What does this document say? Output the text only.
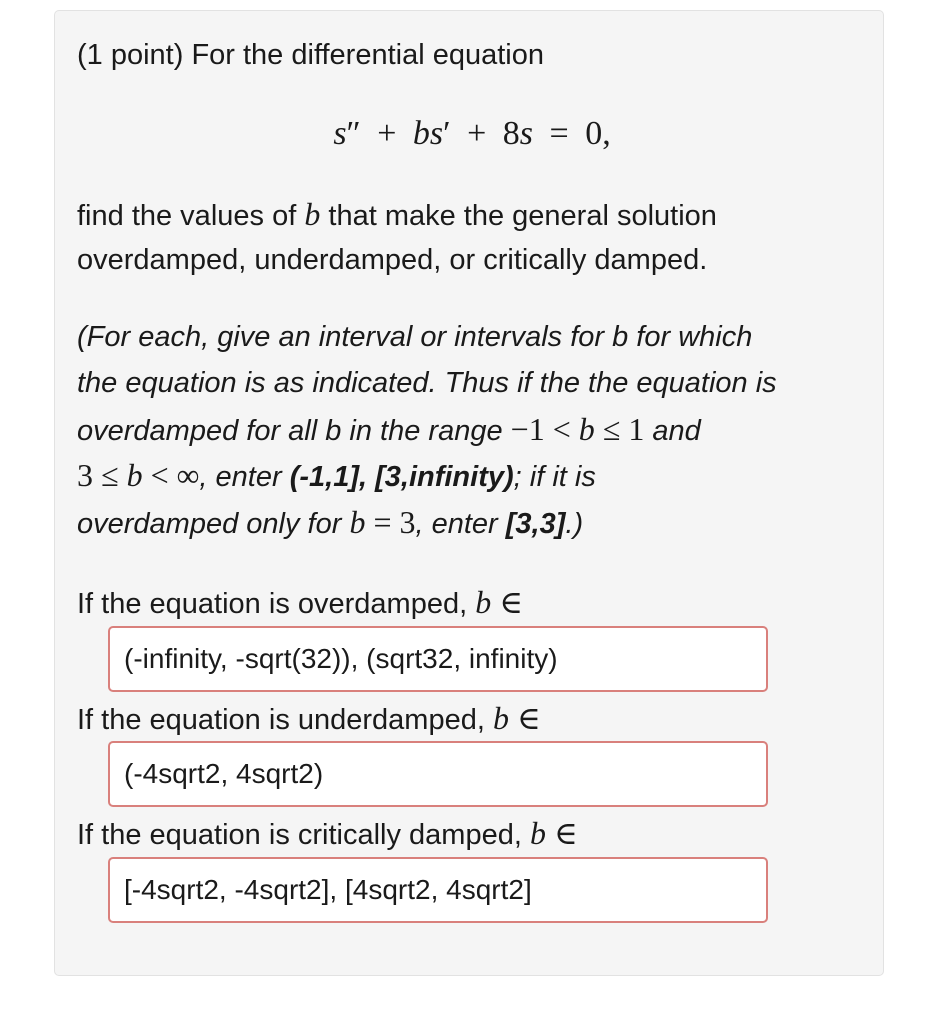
(1 point) For the differential equation
s″ + bs′ + 8s = 0,
find the values of b that make the general solution
overdamped, underdamped, or critically damped.
(For each, give an interval or intervals for b for which
the equation is as indicated. Thus if the the equation is
overdamped for all b in the range −1 < b ≤ 1 and
3 ≤ b < ∞, enter (-1,1], [3,infinity); if it is
overdamped only for b = 3, enter [3,3].)
If the equation is overdamped, b ∈
(-infinity, -sqrt(32)), (sqrt32, infinity)
If the equation is underdamped, b ∈
(-4sqrt2, 4sqrt2)
If the equation is critically damped, b ∈
[-4sqrt2, -4sqrt2], [4sqrt2, 4sqrt2]
